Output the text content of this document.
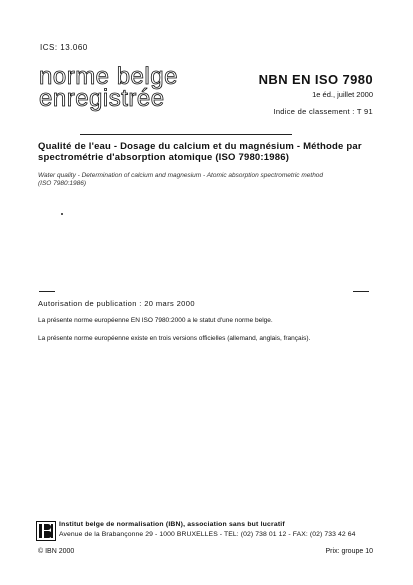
ICS: 13.060
norme belge
enregistrée
NBN EN ISO 7980
1e éd., juillet 2000
Indice de classement : T 91
Qualité de l'eau - Dosage du calcium et du magnésium - Méthode par spectrométrie d'absorption atomique (ISO 7980:1986)
Water quality - Determination of calcium and magnesium - Atomic absorption spectrometric method (ISO 7980:1986)
Autorisation de publication : 20 mars 2000
La présente norme européenne EN ISO 7980:2000 a le statut d'une norme belge.
La présente norme européenne existe en trois versions officielles (allemand, anglais, français).
Institut belge de normalisation (IBN), association sans but lucratif
Avenue de la Brabançonne 29 - 1000 BRUXELLES - TEL: (02) 738 01 12 - FAX: (02) 733 42 64
© IBN 2000	Prix: groupe 10
